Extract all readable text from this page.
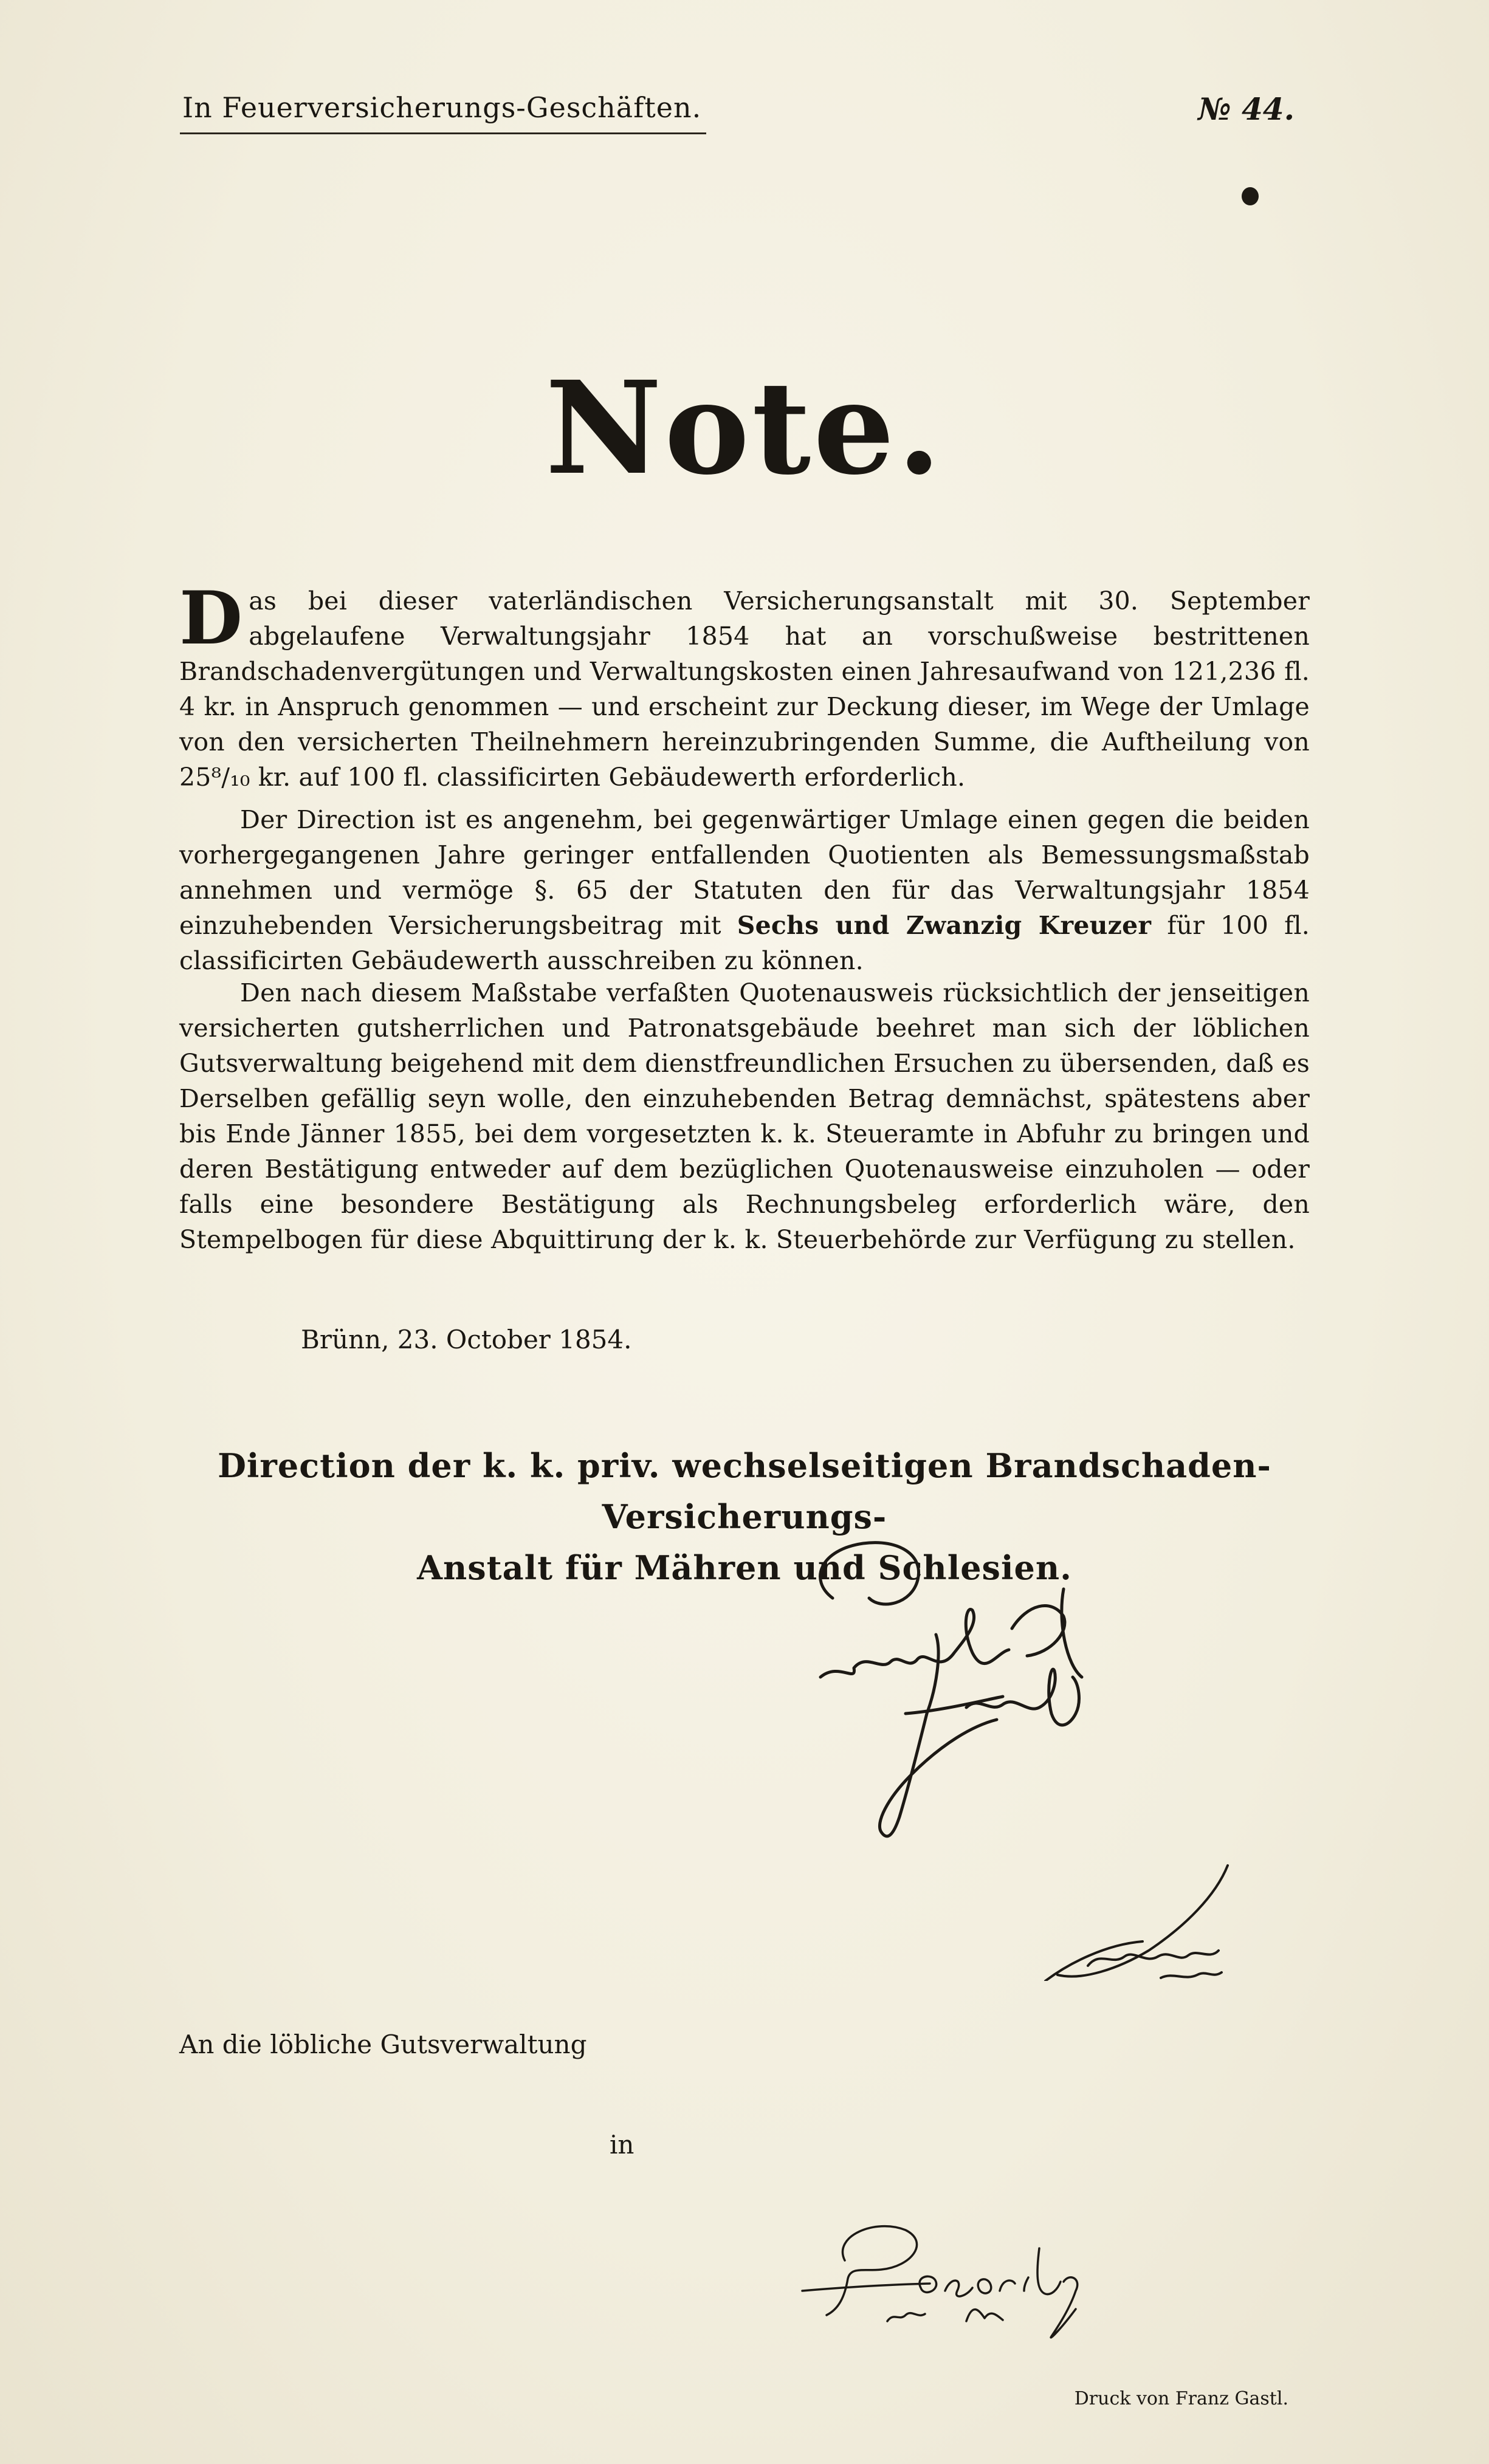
In Feuerversicherungs-Geschäften.	№ 44.
Note.
Das bei dieser vaterländischen Versicherungsanstalt mit 30. September abgelaufene Verwaltungsjahr 1854 hat an vorschußweise bestrittenen Brandschadenvergütungen und Verwaltungskosten einen Jahresaufwand von 121,236 fl. 4 kr. in Anspruch genommen — und erscheint zur Deckung dieser, im Wege der Umlage von den versicherten Theilnehmern hereinzubringenden Summe, die Auftheilung von 25⁸/₁₀ kr. auf 100 fl. classificirten Gebäudewerth erforderlich.
Der Direction ist es angenehm, bei gegenwärtiger Umlage einen gegen die beiden vorhergegangenen Jahre geringer entfallenden Quotienten als Bemessungsmaßstab annehmen und vermöge §. 65 der Statuten den für das Verwaltungsjahr 1854 einzuhebenden Versicherungsbeitrag mit Sechs und Zwanzig Kreuzer für 100 fl. classificirten Gebäudewerth ausschreiben zu können.
Den nach diesem Maßstabe verfaßten Quotenausweis rücksichtlich der jenseitigen versicherten gutsherrlichen und Patronatsgebäude beehret man sich der löblichen Gutsverwaltung beigehend mit dem dienstfreundlichen Ersuchen zu übersenden, daß es Derselben gefällig seyn wolle, den einzuhebenden Betrag demnächst, spätestens aber bis Ende Jänner 1855, bei dem vorgesetzten k. k. Steueramte in Abfuhr zu bringen und deren Bestätigung entweder auf dem bezüglichen Quotenausweise einzuholen — oder falls eine besondere Bestätigung als Rechnungsbeleg erforderlich wäre, den Stempelbogen für diese Abquittirung der k. k. Steuerbehörde zur Verfügung zu stellen.
Brünn, 23. October 1854.
Direction der k. k. priv. wechselseitigen Brandschaden-Versicherungs-
Anstalt für Mähren und Schlesien.
An die löbliche Gutsverwaltung
in
Druck von Franz Gastl.
